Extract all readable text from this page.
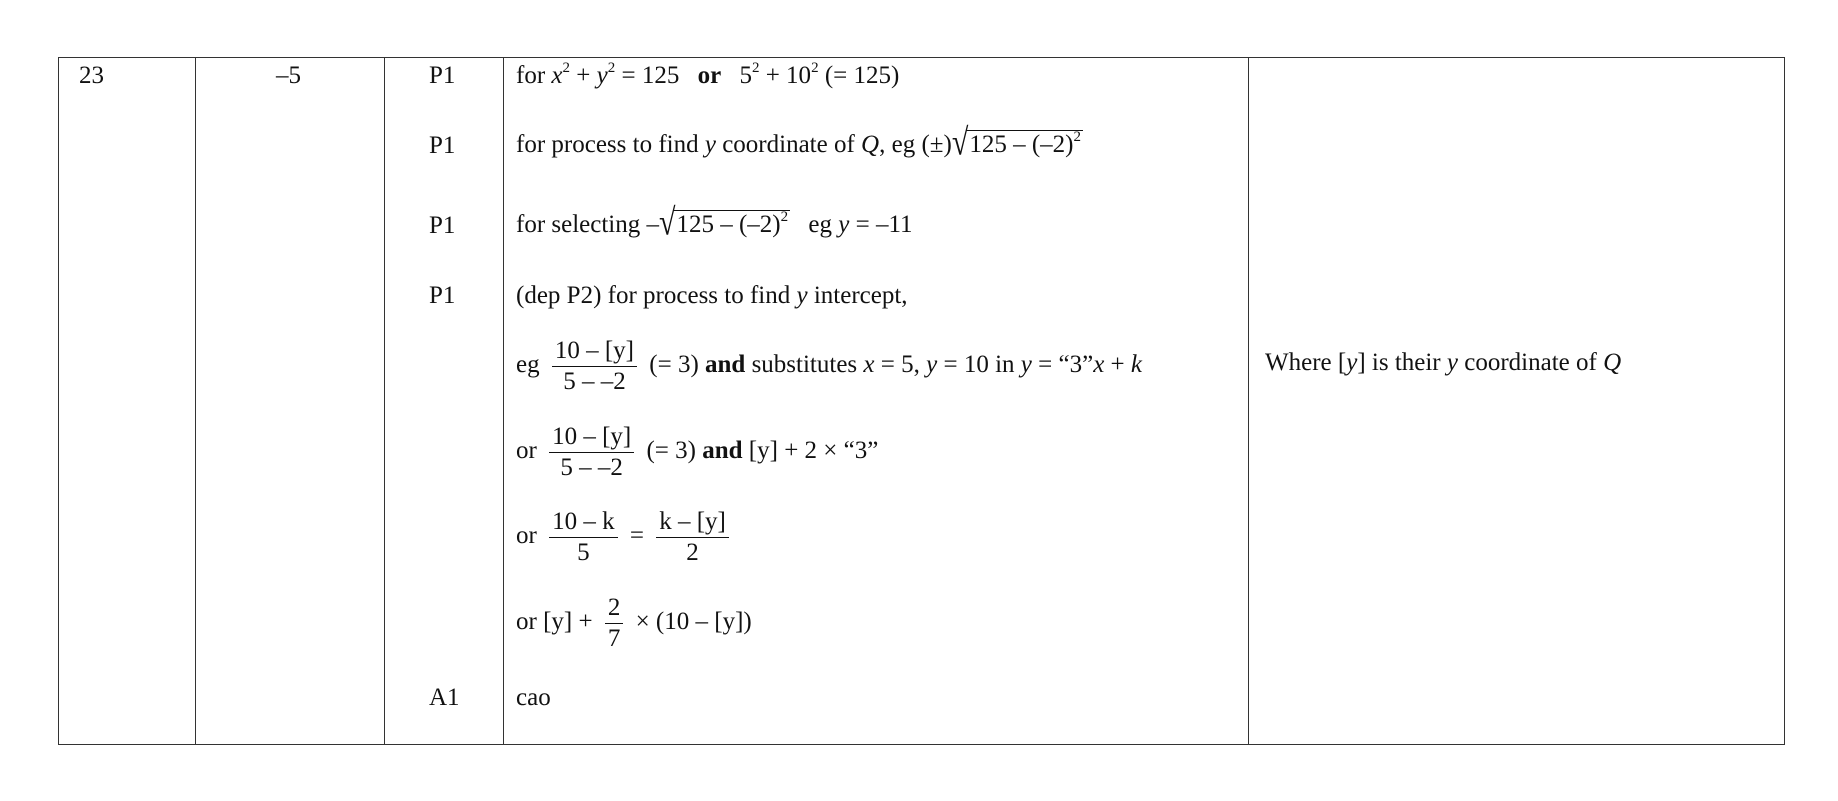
23	–5	P1
P1
P1
P1
A1
for $x^2 + y^2 = 125$ or $5^2 + 10^2$ (= 125)
for process to find y coordinate of Q, eg $(\pm)√125 - (-2)^2$
for selecting $-√125 - (-2)^2$ eg y = –11
(dep P2) for process to find y intercept,
eg $\frac{10 - [y]}{5 - -2}$ (= 3) and substitutes x = 5, y = 10 in y = “3”x + k
or $\frac{10 - [y]}{5 - -2}$ (= 3) and [y] + 2 × “3”
or $\frac{10 - k}{5} = \frac{k - [y]}{2}$
or $[y] + \frac{2}{7} \times (10 - [y])$
cao
Where [y] is their y coordinate of Q
